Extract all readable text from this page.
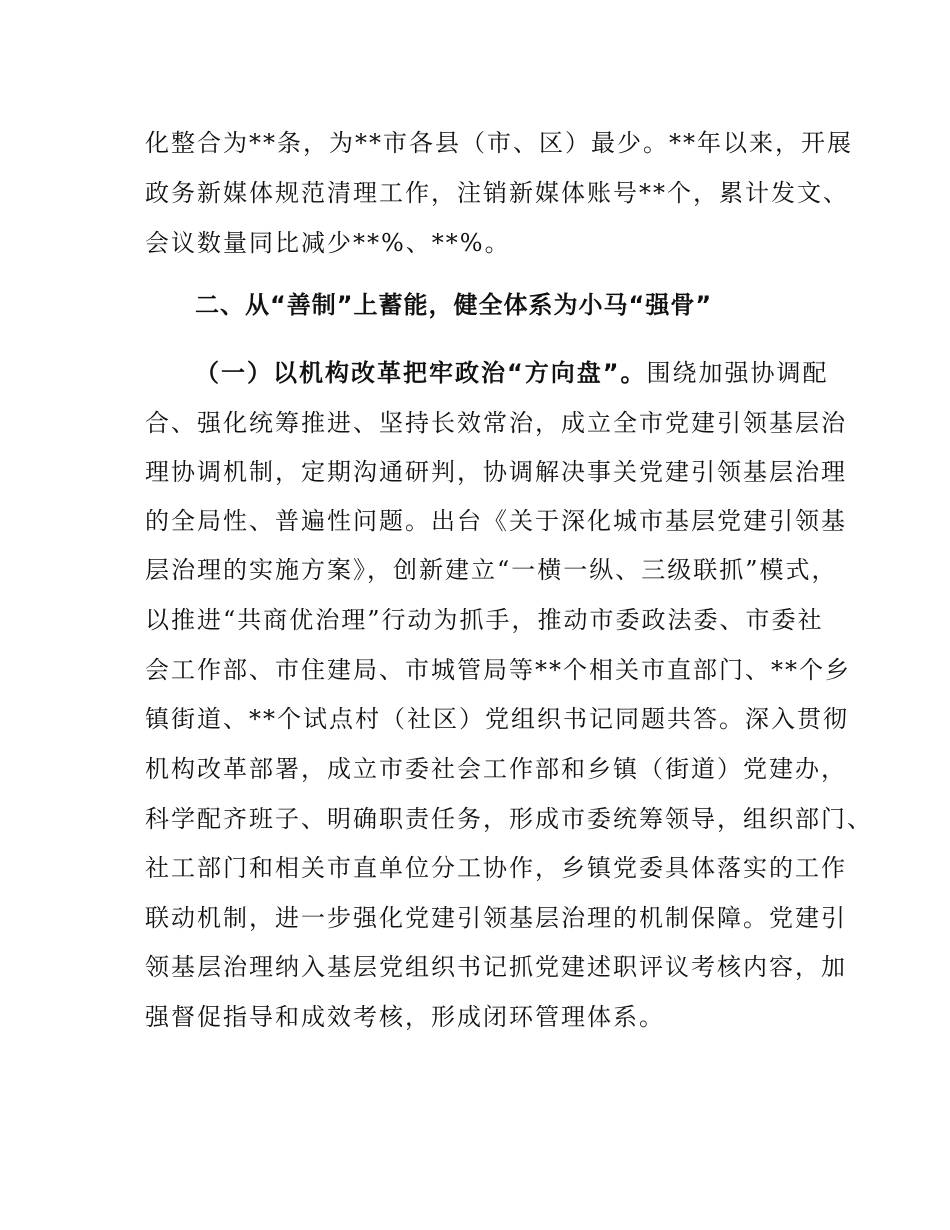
化整合为**条，为**市各县（市、区）最少。**年以来，开展
政务新媒体规范清理工作，注销新媒体账号**个，累计发文、
会议数量同比减少**%、**%。
二、从“善制”上蓄能，健全体系为小马“强骨”
（一）以机构改革把牢政治“方向盘”。围绕加强协调配
合、强化统筹推进、坚持长效常治，成立全市党建引领基层治
理协调机制，定期沟通研判，协调解决事关党建引领基层治理
的全局性、普遍性问题。出台《关于深化城市基层党建引领基
层治理的实施方案》，创新建立“一横一纵、三级联抓”模式，
以推进“共商优治理”行动为抓手，推动市委政法委、市委社
会工作部、市住建局、市城管局等**个相关市直部门、**个乡
镇街道、**个试点村（社区）党组织书记同题共答。深入贯彻
机构改革部署，成立市委社会工作部和乡镇（街道）党建办，
科学配齐班子、明确职责任务，形成市委统筹领导，组织部门、
社工部门和相关市直单位分工协作，乡镇党委具体落实的工作
联动机制，进一步强化党建引领基层治理的机制保障。党建引
领基层治理纳入基层党组织书记抓党建述职评议考核内容，加
强督促指导和成效考核，形成闭环管理体系。
